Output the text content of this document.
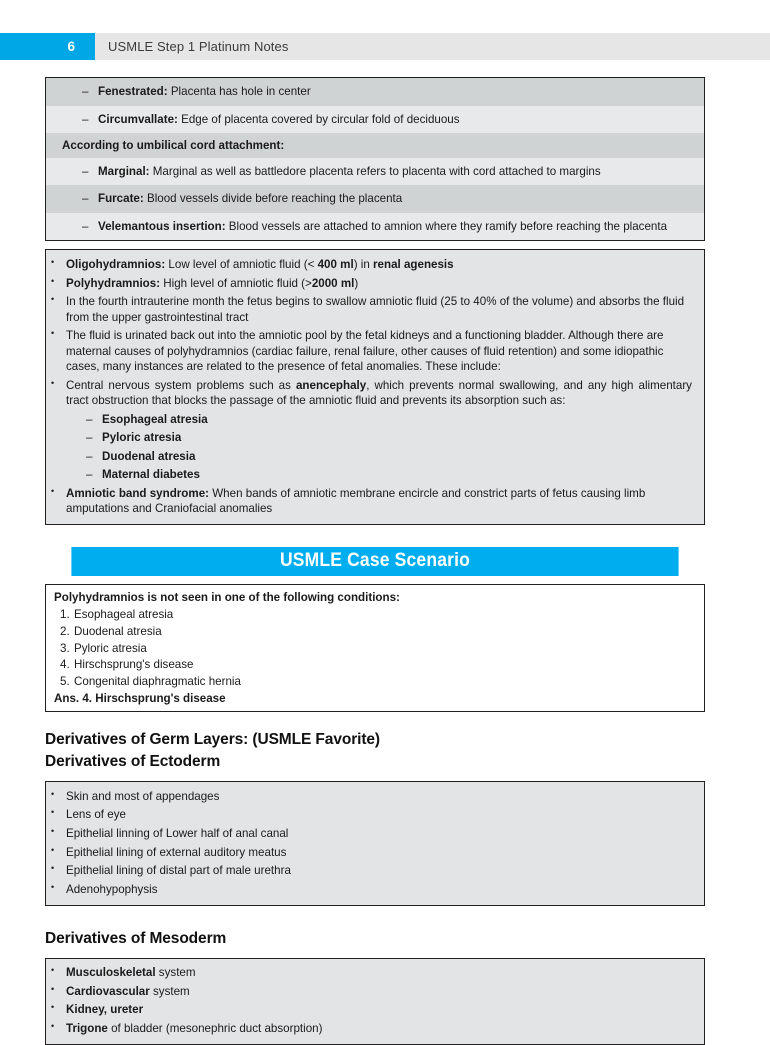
6	USMLE Step 1 Platinum Notes
– Fenestrated: Placenta has hole in center
– Circumvallate: Edge of placenta covered by circular fold of deciduous
According to umbilical cord attachment:
– Marginal: Marginal as well as battledore placenta refers to placenta with cord attached to margins
– Furcate: Blood vessels divide before reaching the placenta
– Velemantous insertion: Blood vessels are attached to amnion where they ramify before reaching the placenta
•	Oligohydramnios: Low level of amniotic fluid (< 400 ml) in renal agenesis
•	Polyhydramnios: High level of amniotic fluid (>2000 ml)
•	In the fourth intrauterine month the fetus begins to swallow amniotic fluid (25 to 40% of the volume) and absorbs the fluid from the upper gastrointestinal tract
•	The fluid is urinated back out into the amniotic pool by the fetal kidneys and a functioning bladder. Although there are maternal causes of polyhydramnios (cardiac failure, renal failure, other causes of fluid retention) and some idiopathic cases, many instances are related to the presence of fetal anomalies. These include:
•	Central nervous system problems such as anencephaly, which prevents normal swallowing, and any high alimentary tract obstruction that blocks the passage of the amniotic fluid and prevents its absorption such as:
– Esophageal atresia
– Pyloric atresia
– Duodenal atresia
– Maternal diabetes
•	Amniotic band syndrome: When bands of amniotic membrane encircle and constrict parts of fetus causing limb amputations and Craniofacial anomalies
USMLE Case Scenario
Polyhydramnios is not seen in one of the following conditions:
1. Esophageal atresia
2. Duodenal atresia
3. Pyloric atresia
4. Hirschsprung's disease
5. Congenital diaphragmatic hernia
Ans. 4. Hirschsprung's disease
Derivatives of Germ Layers: (USMLE Favorite)
Derivatives of Ectoderm
•	Skin and most of appendages
•	Lens of eye
•	Epithelial linning of Lower half of anal canal
•	Epithelial lining of external auditory meatus
•	Epithelial lining of distal part of male urethra
•	Adenohypophysis
Derivatives of Mesoderm
•	Musculoskeletal system
•	Cardiovascular system
•	Kidney, ureter
•	Trigone of bladder (mesonephric duct absorption)
